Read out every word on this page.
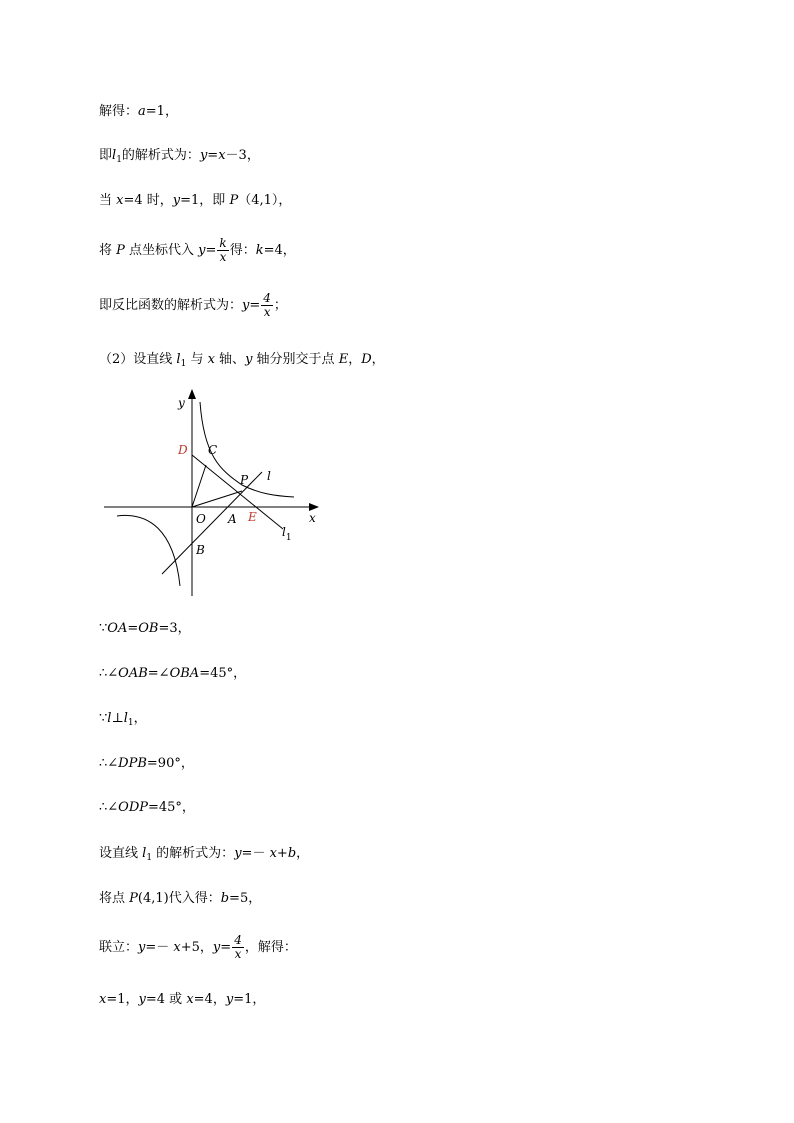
解得：a=1，
即$l_1$的解析式为：y=x－3，
当 x=4 时，y=1，即 P（4,1），
将 P 点坐标代入 $y= \frac{k}{x}$ 得：k=4，
即反比函数的解析式为：$y= \frac{4}{x}$ ；
（2）设直线 $l_1$ 与 x 轴、y 轴分别交于点 E，D，
y
x
D C
P l
O A E
$l_1$
B
∵OA=OB=3，
∴∠OAB=∠OBA=45°，
$\because l\perp l_1$，
∴∠DPB=90°，
∴∠ODP=45°，
设直线 $l_1$ 的解析式为：y=－ x+b，
将点 P(4,1)代入得：b=5，
联立：y=－ x+5，$y= \frac{4}{x}$ ，解得：
x=1，y=4 或 x=4，y=1，
